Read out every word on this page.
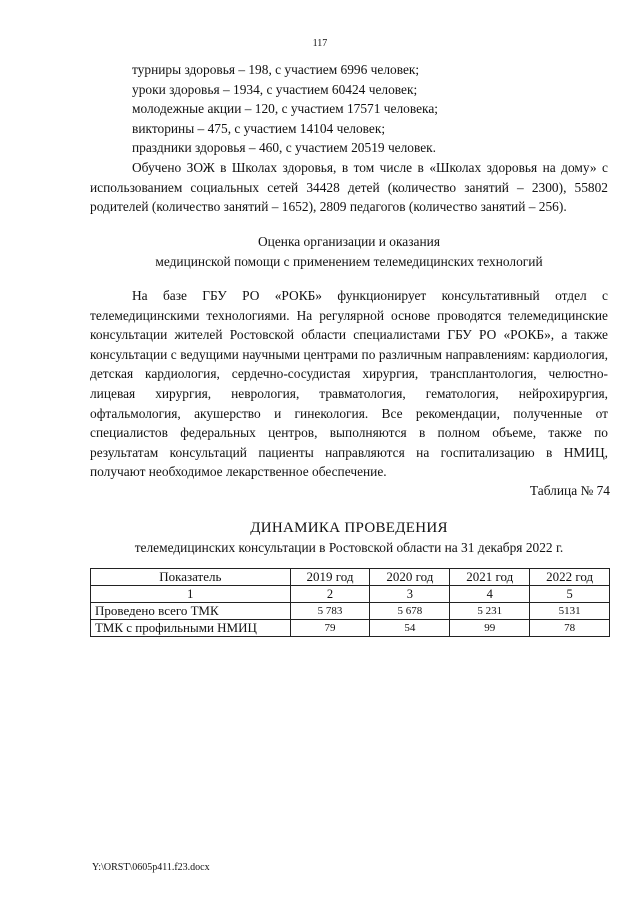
117
турниры здоровья – 198, с участием 6996 человек;
уроки здоровья – 1934, с участием 60424 человек;
молодежные акции – 120, с участием 17571 человека;
викторины – 475, с участием 14104 человек;
праздники здоровья – 460, с участием 20519 человек.

Обучено ЗОЖ в Школах здоровья, в том числе в «Школах здоровья на дому» с использованием социальных сетей 34428 детей (количество занятий – 2300), 55802 родителей (количество занятий – 1652), 2809 педагогов (количество занятий – 256).

Оценка организации и оказания
медицинской помощи с применением телемедицинских технологий

На базе ГБУ РО «РОКБ» функционирует консультативный отдел с телемедицинскими технологиями. На регулярной основе проводятся телемедицинские консультации жителей Ростовской области специалистами ГБУ РО «РОКБ», а также консультации с ведущими научными центрами по различным направлениям: кардиология, детская кардиология, сердечно-сосудистая хирургия, трансплантология, челюстно-лицевая хирургия, неврология, травматология, гематология, нейрохирургия, офтальмология, акушерство и гинекология. Все рекомендации, полученные от специалистов федеральных центров, выполняются в полном объеме, также по результатам консультаций пациенты направляются на госпитализацию в НМИЦ, получают необходимое лекарственное обеспечение.

Таблица № 74
ДИНАМИКА ПРОВЕДЕНИЯ
телемедицинских консультации в Ростовской области на 31 декабря 2022 г.
Показатель	2019 год	2020 год	2021 год	2022 год
1	2	3	4	5
Проведено всего ТМК	5 783	5 678	5 231	5131
ТМК с профильными НМИЦ	79	54	99	78
Y:\ORST\0605p411.f23.docx
